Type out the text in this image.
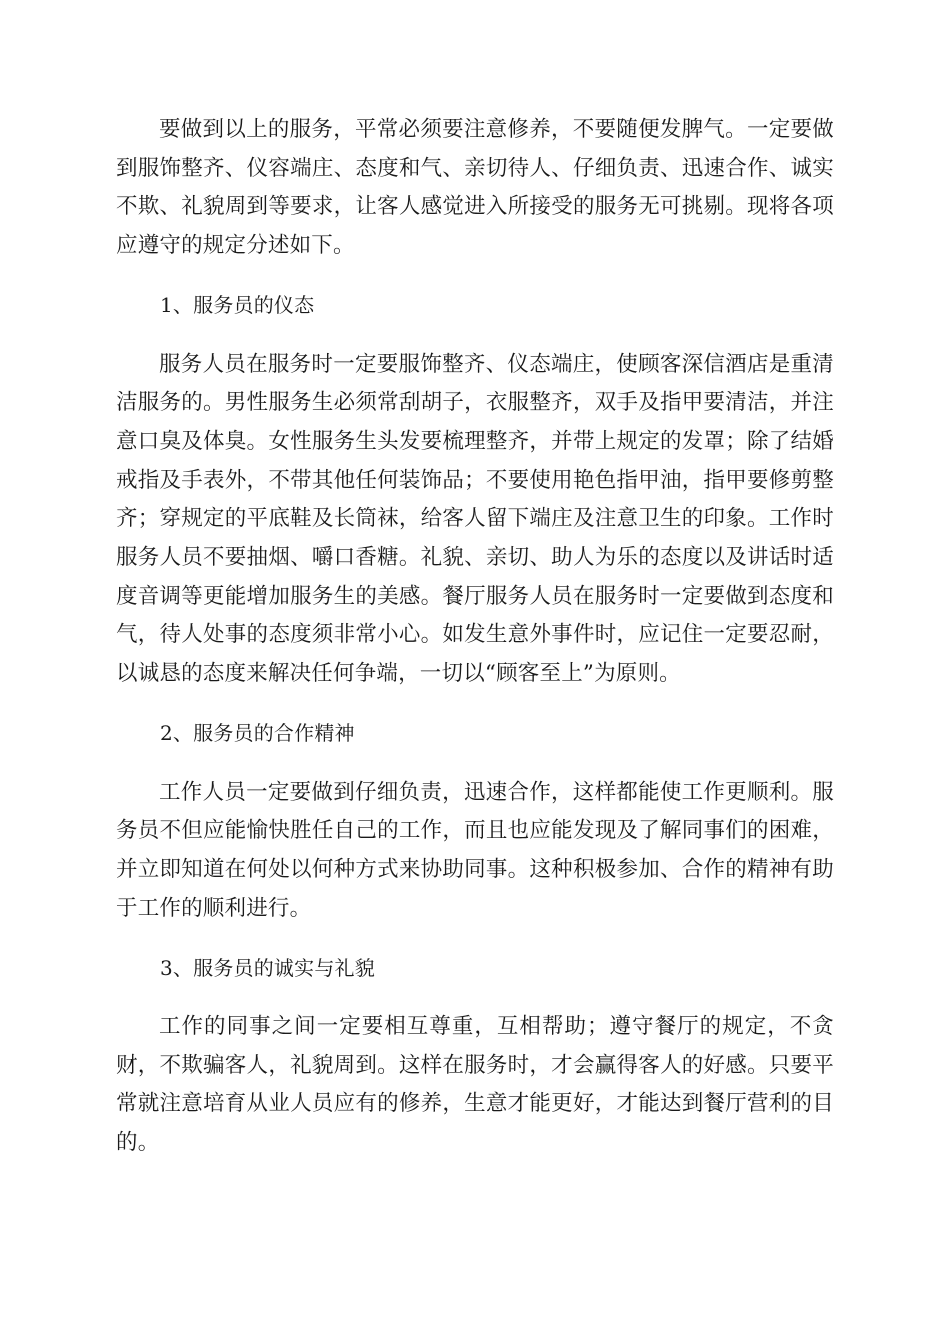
要做到以上的服务，平常必须要注意修养，不要随便发脾气。一定要做到服饰整齐、仪容端庄、态度和气、亲切待人、仔细负责、迅速合作、诚实不欺、礼貌周到等要求，让客人感觉进入所接受的服务无可挑剔。现将各项应遵守的规定分述如下。

1、服务员的仪态

服务人员在服务时一定要服饰整齐、仪态端庄，使顾客深信酒店是重清洁服务的。男性服务生必须常刮胡子，衣服整齐，双手及指甲要清洁，并注意口臭及体臭。女性服务生头发要梳理整齐，并带上规定的发罩；除了结婚戒指及手表外，不带其他任何装饰品；不要使用艳色指甲油，指甲要修剪整齐；穿规定的平底鞋及长筒袜，给客人留下端庄及注意卫生的印象。工作时服务人员不要抽烟、嚼口香糖。礼貌、亲切、助人为乐的态度以及讲话时适度音调等更能增加服务生的美感。餐厅服务人员在服务时一定要做到态度和气，待人处事的态度须非常小心。如发生意外事件时，应记住一定要忍耐，以诚恳的态度来解决任何争端，一切以“顾客至上”为原则。

2、服务员的合作精神

工作人员一定要做到仔细负责，迅速合作，这样都能使工作更顺利。服务员不但应能愉快胜任自己的工作，而且也应能发现及了解同事们的困难，并立即知道在何处以何种方式来协助同事。这种积极参加、合作的精神有助于工作的顺利进行。

3、服务员的诚实与礼貌

工作的同事之间一定要相互尊重，互相帮助；遵守餐厅的规定，不贪财，不欺骗客人，礼貌周到。这样在服务时，才会赢得客人的好感。只要平常就注意培育从业人员应有的修养，生意才能更好，才能达到餐厅营利的目的。
